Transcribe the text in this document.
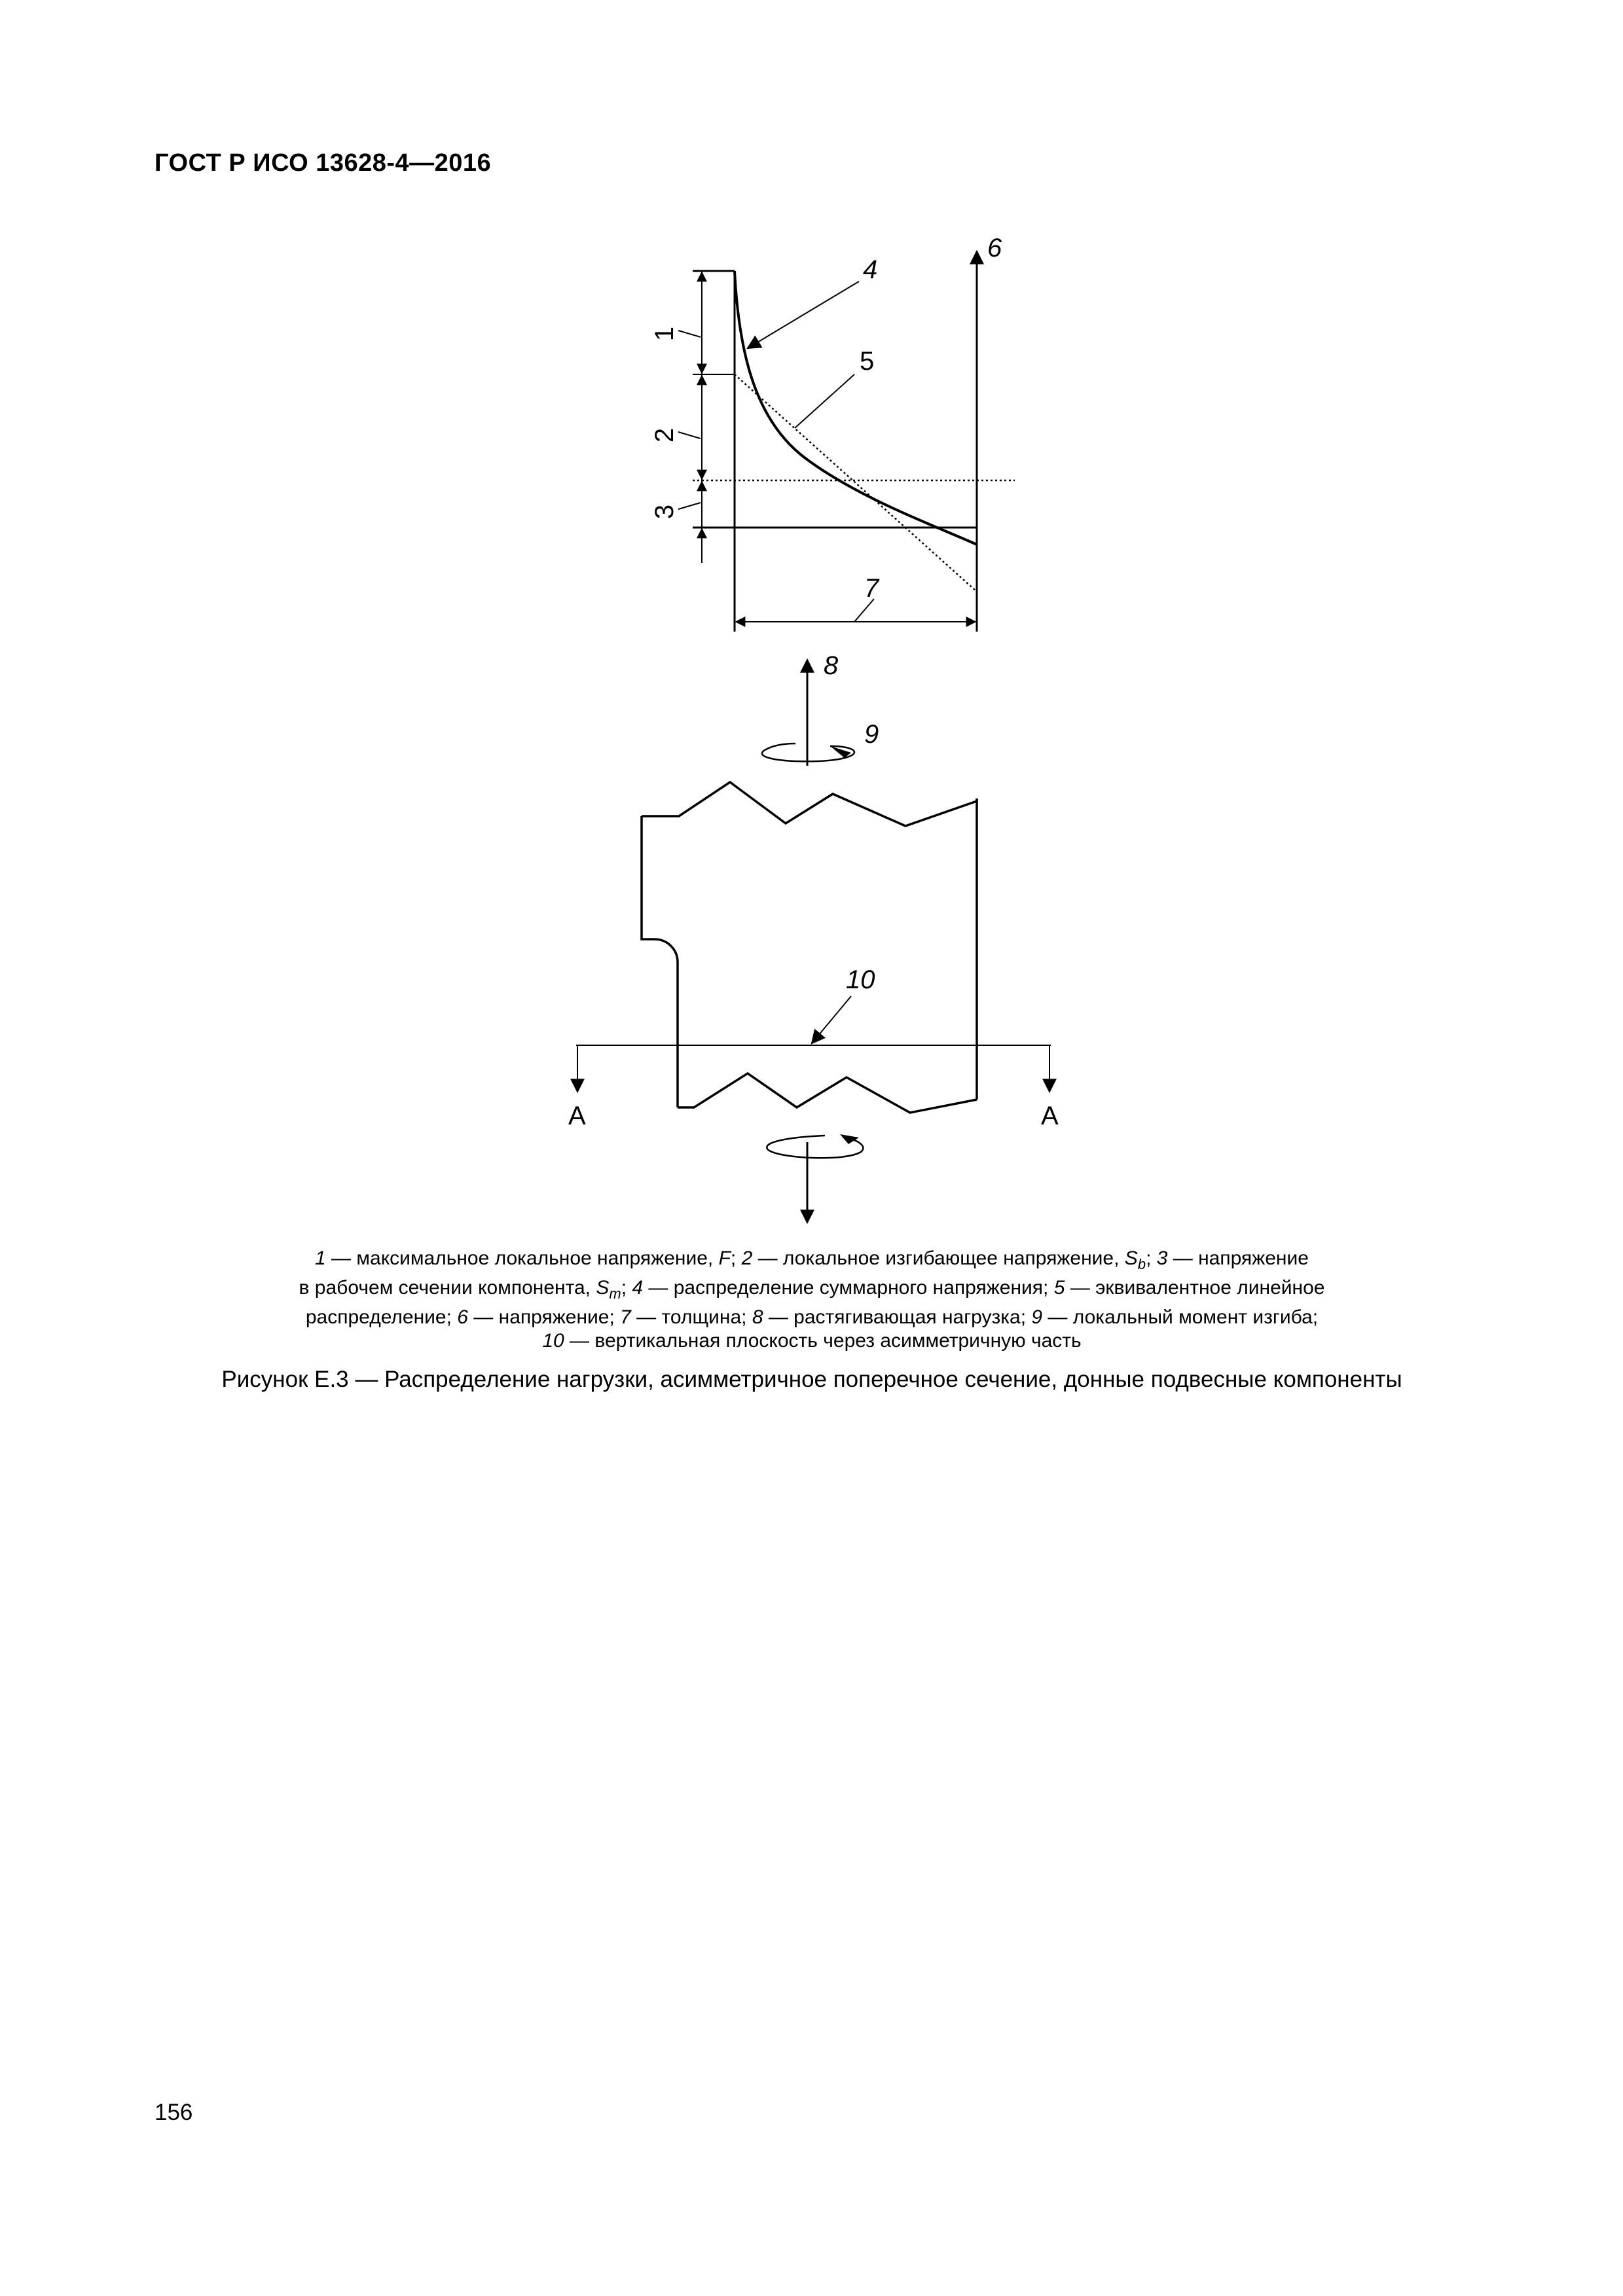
ГОСТ Р ИСО 13628-4—2016
1
2
3
4
5
6
7
8
9
10
А	А
1 — максимальное локальное напряжение, F; 2 — локальное изгибающее напряжение, $S_b$; 3 — напряжение
в рабочем сечении компонента, $S_m$; 4 — распределение суммарного напряжения; 5 — эквивалентное линейное
распределение; 6 — напряжение; 7 — толщина; 8 — растягивающая нагрузка; 9 — локальный момент изгиба;
10 — вертикальная плоскость через асимметричную часть
Рисунок Е.3 — Распределение нагрузки, асимметричное поперечное сечение, донные подвесные компоненты
156
